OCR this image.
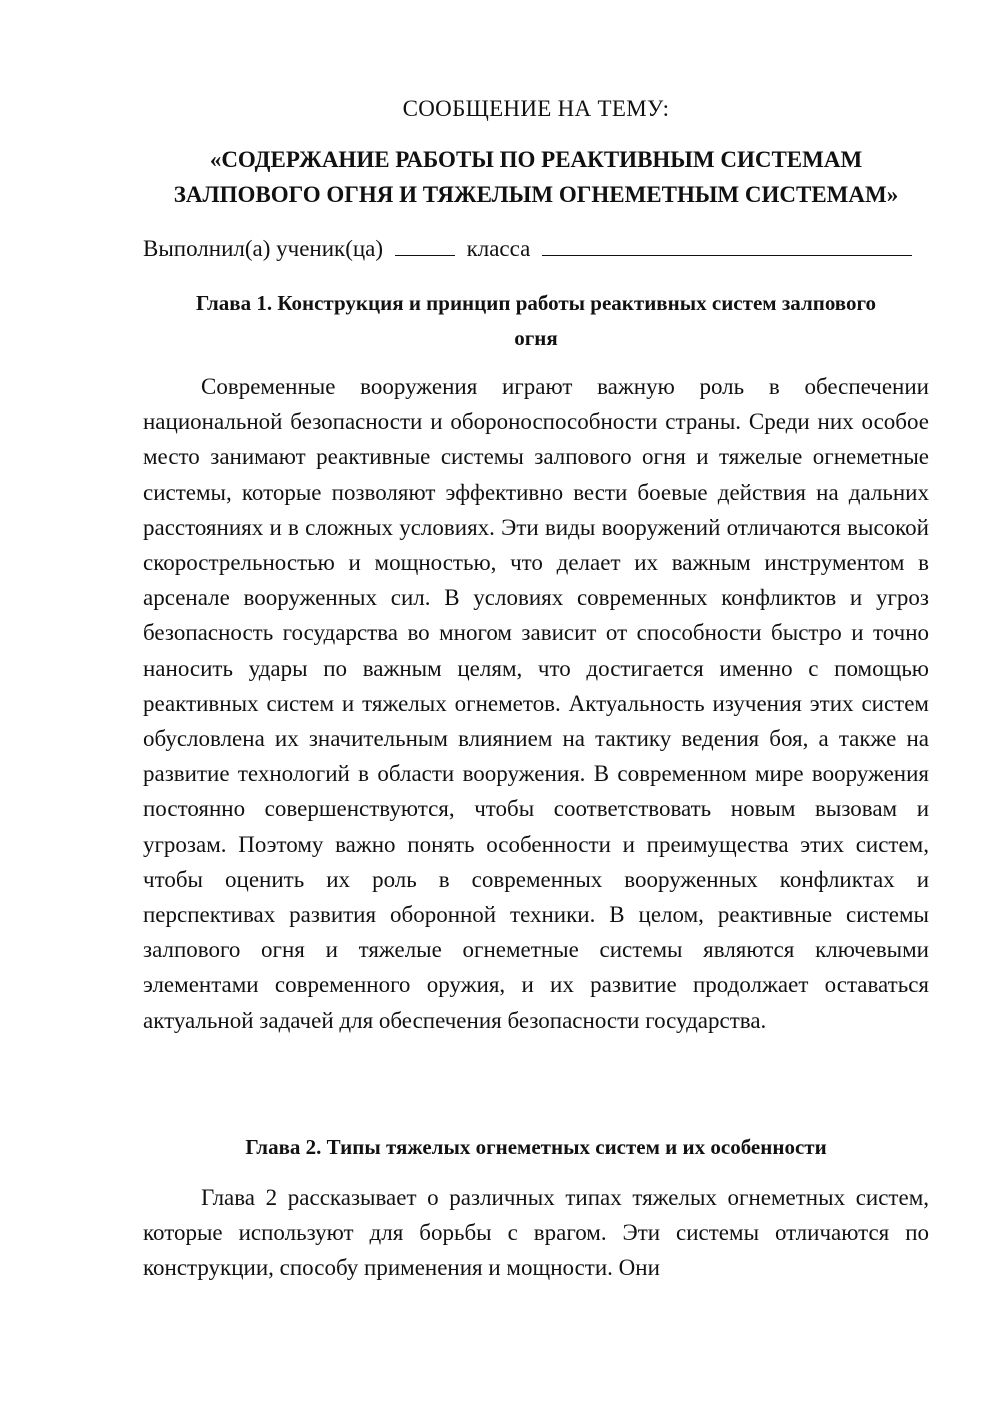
СООБЩЕНИЕ НА ТЕМУ:
«СОДЕРЖАНИЕ РАБОТЫ ПО РЕАКТИВНЫМ СИСТЕМАМ
ЗАЛПОВОГО ОГНЯ И ТЯЖЕЛЫМ ОГНЕМЕТНЫМ СИСТЕМАМ»
Выполнил(а) ученик(ца)	класса
Глава 1. Конструкция и принцип работы реактивных систем залпового
огня

Современные вооружения играют важную роль в обеспечении национальной безопасности и обороноспособности страны. Среди них особое место занимают реактивные системы залпового огня и тяжелые огнеметные системы, которые позволяют эффективно вести боевые действия на дальних расстояниях и в сложных условиях. Эти виды вооружений отличаются высокой скорострельностью и мощностью, что делает их важным инструментом в арсенале вооруженных сил. В условиях современных конфликтов и угроз безопасность государства во многом зависит от способности быстро и точно наносить удары по важным целям, что достигается именно с помощью реактивных систем и тяжелых огнеметов. Актуальность изучения этих систем обусловлена их значительным влиянием на тактику ведения боя, а также на развитие технологий в области вооружения. В современном мире вооружения постоянно совершенствуются, чтобы соответствовать новым вызовам и угрозам. Поэтому важно понять особенности и преимущества этих систем, чтобы оценить их роль в современных вооруженных конфликтах и перспективах развития оборонной техники. В целом, реактивные системы залпового огня и тяжелые огнеметные системы являются ключевыми элементами современного оружия, и их развитие продолжает оставаться актуальной задачей для обеспечения безопасности государства.

Глава 2. Типы тяжелых огнеметных систем и их особенности

Глава 2 рассказывает о различных типах тяжелых огнеметных систем, которые используют для борьбы с врагом. Эти системы отличаются по конструкции, способу применения и мощности. Они
